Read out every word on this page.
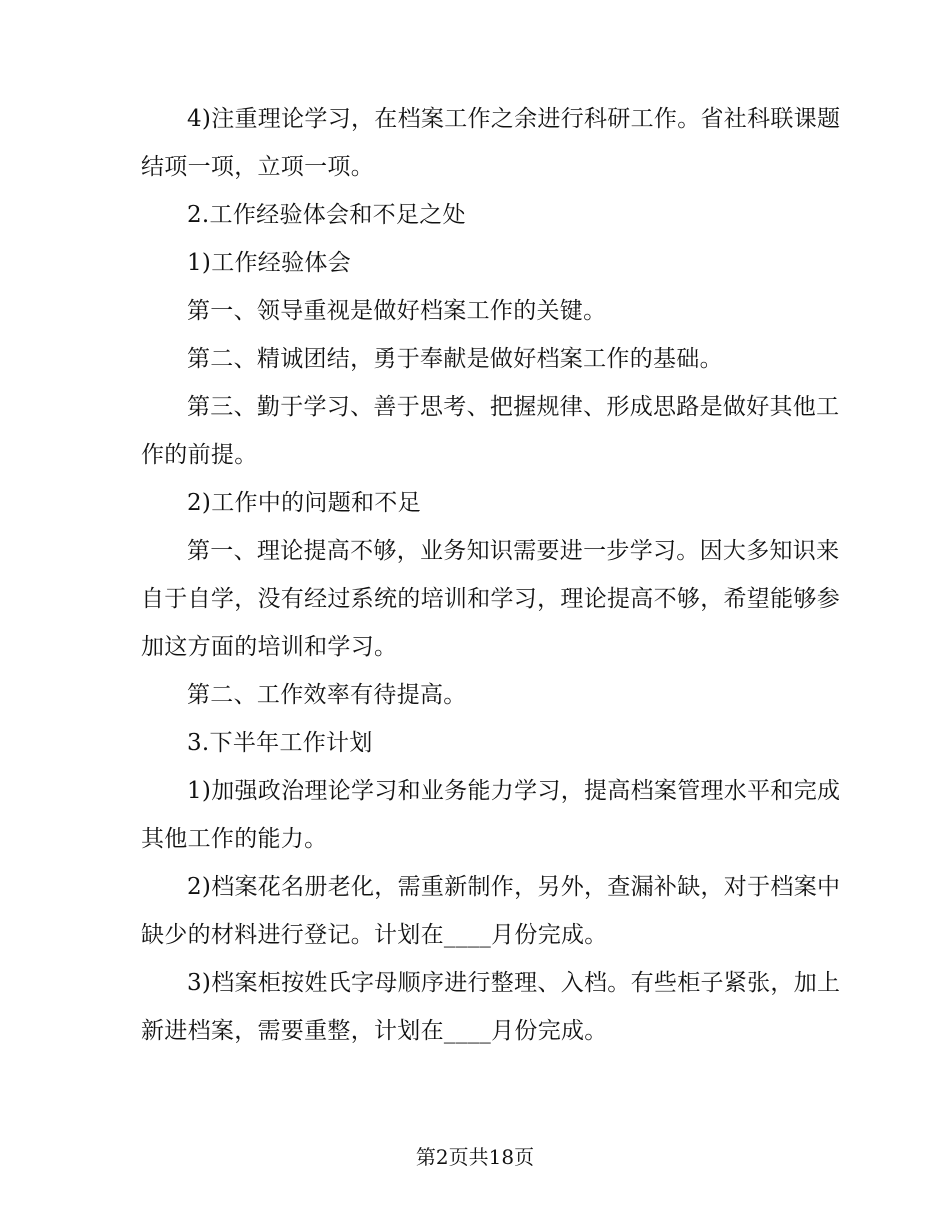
4)注重理论学习，在档案工作之余进行科研工作。省社科联课题
结项一项，立项一项。
2.工作经验体会和不足之处
1)工作经验体会
第一、领导重视是做好档案工作的关键。
第二、精诚团结，勇于奉献是做好档案工作的基础。
第三、勤于学习、善于思考、把握规律、形成思路是做好其他工
作的前提。
2)工作中的问题和不足
第一、理论提高不够，业务知识需要进一步学习。因大多知识来
自于自学，没有经过系统的培训和学习，理论提高不够，希望能够参
加这方面的培训和学习。
第二、工作效率有待提高。
3.下半年工作计划
1)加强政治理论学习和业务能力学习，提高档案管理水平和完成
其他工作的能力。
2)档案花名册老化，需重新制作，另外，查漏补缺，对于档案中
缺少的材料进行登记。计划在____月份完成。
3)档案柜按姓氏字母顺序进行整理、入档。有些柜子紧张，加上
新进档案，需要重整，计划在____月份完成。
第2页共18页
